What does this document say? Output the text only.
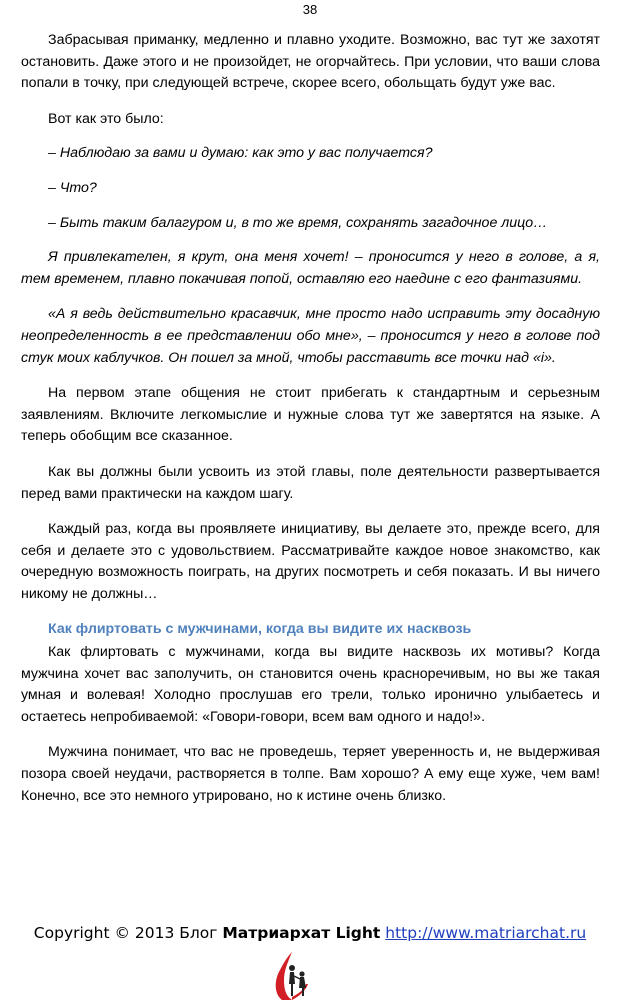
38

Забрасывая приманку, медленно и плавно уходите. Возможно, вас тут же захотят остановить. Даже этого и не произойдет, не огорчайтесь. При условии, что ваши слова попали в точку, при следующей встрече, скорее всего, обольщать будут уже вас.

Вот как это было:

– Наблюдаю за вами и думаю: как это у вас получается?

– Что?

– Быть таким балагуром и, в то же время, сохранять загадочное лицо…

Я привлекателен, я крут, она меня хочет! – проносится у него в голове, а я, тем временем, плавно покачивая попой, оставляю его наедине с его фантазиями.

«А я ведь действительно красавчик, мне просто надо исправить эту досадную неопределенность в ее представлении обо мне», – проносится у него в голове под стук моих каблучков. Он пошел за мной, чтобы расставить все точки над «i».

На первом этапе общения не стоит прибегать к стандартным и серьезным заявлениям. Включите легкомыслие и нужные слова тут же завертятся на языке. А теперь обобщим все сказанное.

Как вы должны были усвоить из этой главы, поле деятельности развертывается перед вами практически на каждом шагу.

Каждый раз, когда вы проявляете инициативу, вы делаете это, прежде всего, для себя и делаете это с удовольствием. Рассматривайте каждое новое знакомство, как очередную возможность поиграть, на других посмотреть и себя показать. И вы ничего никому не должны…

Как флиртовать с мужчинами, когда вы видите их насквозь

Как флиртовать с мужчинами, когда вы видите насквозь их мотивы? Когда мужчина хочет вас заполучить, он становится очень красноречивым, но вы же такая умная и волевая! Холодно прослушав его трели, только иронично улыбаетесь и остаетесь непробиваемой: «Говори-говори, всем вам одного и надо!».

Мужчина понимает, что вас не проведешь, теряет уверенность и, не выдерживая позора своей неудачи, растворяется в толпе. Вам хорошо? А ему еще хуже, чем вам! Конечно, все это немного утрировано, но к истине очень близко.

Copyright © 2013 Блог Матриархат Light http://www.matriarchat.ru
